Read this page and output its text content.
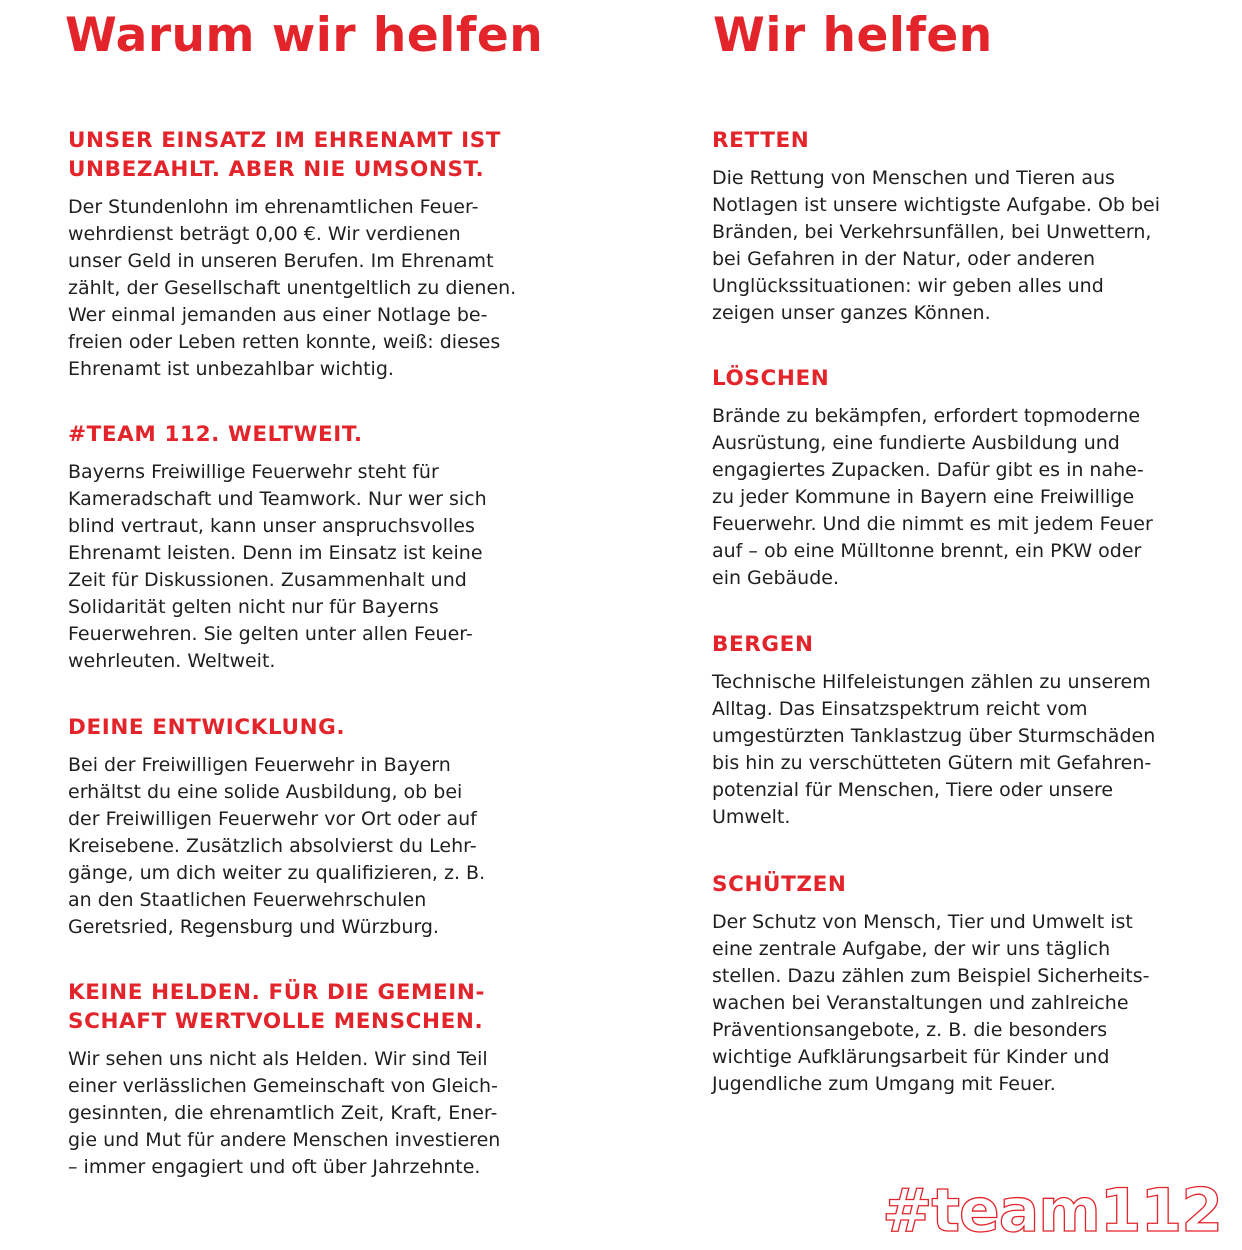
Warum wir helfen
UNSER EINSATZ IM EHRENAMT IST
UNBEZAHLT. ABER NIE UMSONST.

Der Stundenlohn im ehrenamtlichen Feuer-
wehrdienst beträgt 0,00 €. Wir verdienen
unser Geld in unseren Berufen. Im Ehrenamt
zählt, der Gesellschaft unentgeltlich zu dienen.
Wer einmal jemanden aus einer Notlage be-
freien oder Leben retten konnte, weiß: dieses
Ehrenamt ist unbezahlbar wichtig.

#TEAM 112. WELTWEIT.

Bayerns Freiwillige Feuerwehr steht für
Kameradschaft und Teamwork. Nur wer sich
blind vertraut, kann unser anspruchsvolles
Ehrenamt leisten. Denn im Einsatz ist keine
Zeit für Diskussionen. Zusammenhalt und
Solidarität gelten nicht nur für Bayerns
Feuerwehren. Sie gelten unter allen Feuer-
wehrleuten. Weltweit.

DEINE ENTWICKLUNG.

Bei der Freiwilligen Feuerwehr in Bayern
erhältst du eine solide Ausbildung, ob bei
der Freiwilligen Feuerwehr vor Ort oder auf
Kreisebene. Zusätzlich absolvierst du Lehr-
gänge, um dich weiter zu qualifizieren, z. B.
an den Staatlichen Feuerwehrschulen
Geretsried, Regensburg und Würzburg.

KEINE HELDEN. FÜR DIE GEMEIN-
SCHAFT WERTVOLLE MENSCHEN.

Wir sehen uns nicht als Helden. Wir sind Teil
einer verlässlichen Gemeinschaft von Gleich-
gesinnten, die ehrenamtlich Zeit, Kraft, Ener-
gie und Mut für andere Menschen investieren
– immer engagiert und oft über Jahrzehnte.

Wir helfen
RETTEN

Die Rettung von Menschen und Tieren aus
Notlagen ist unsere wichtigste Aufgabe. Ob bei
Bränden, bei Verkehrsunfällen, bei Unwettern,
bei Gefahren in der Natur, oder anderen
Unglückssituationen: wir geben alles und
zeigen unser ganzes Können.

LÖSCHEN

Brände zu bekämpfen, erfordert topmoderne
Ausrüstung, eine fundierte Ausbildung und
engagiertes Zupacken. Dafür gibt es in nahe-
zu jeder Kommune in Bayern eine Freiwillige
Feuerwehr. Und die nimmt es mit jedem Feuer
auf – ob eine Mülltonne brennt, ein PKW oder
ein Gebäude.

BERGEN

Technische Hilfeleistungen zählen zu unserem
Alltag. Das Einsatzspektrum reicht vom
umgestürzten Tanklastzug über Sturmschäden
bis hin zu verschütteten Gütern mit Gefahren-
potenzial für Menschen, Tiere oder unsere
Umwelt.

SCHÜTZEN

Der Schutz von Mensch, Tier und Umwelt ist
eine zentrale Aufgabe, der wir uns täglich
stellen. Dazu zählen zum Beispiel Sicherheits-
wachen bei Veranstaltungen und zahlreiche
Präventionsangebote, z. B. die besonders
wichtige Aufklärungsarbeit für Kinder und
Jugendliche zum Umgang mit Feuer.

#team112
